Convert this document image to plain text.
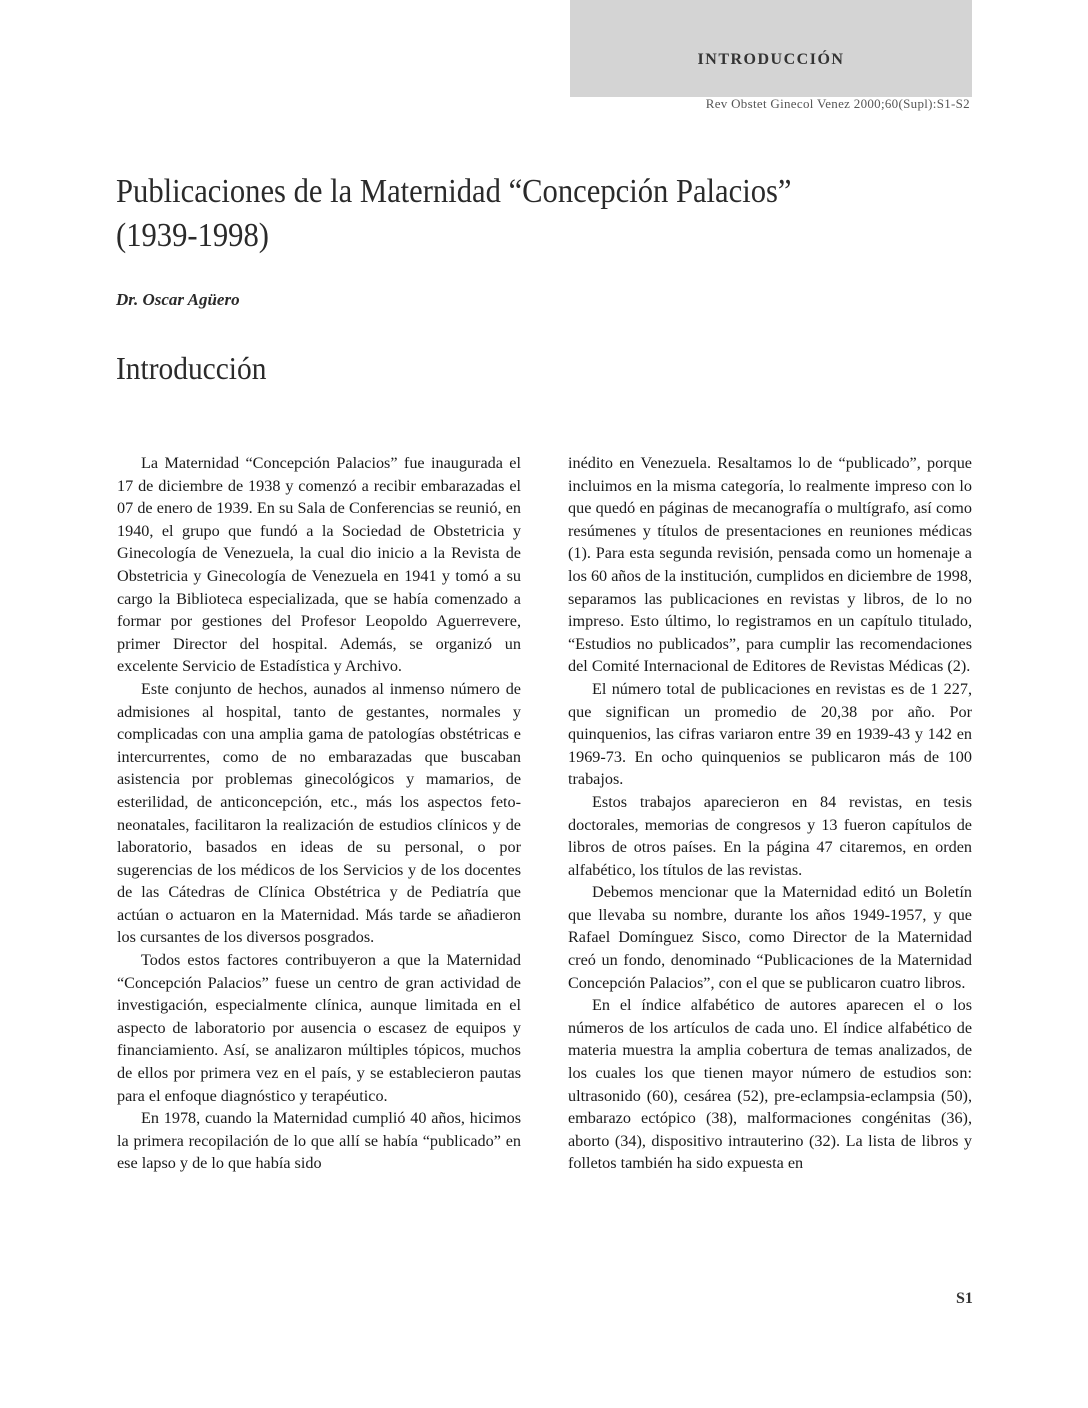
INTRODUCCIÓN
Rev Obstet Ginecol Venez 2000;60(Supl):S1-S2
Publicaciones de la Maternidad “Concepción Palacios” (1939-1998)
Dr. Oscar Agüero
Introducción

La Maternidad “Concepción Palacios” fue inaugurada el 17 de diciembre de 1938 y comenzó a recibir embarazadas el 07 de enero de 1939. En su Sala de Conferencias se reunió, en 1940, el grupo que fundó a la Sociedad de Obstetricia y Ginecología de Venezuela, la cual dio inicio a la Revista de Obstetricia y Ginecología de Venezuela en 1941 y tomó a su cargo la Biblioteca especializada, que se había comenzado a formar por gestiones del Profesor Leopoldo Aguerrevere, primer Director del hospital. Además, se organizó un excelente Servicio de Estadística y Archivo.

Este conjunto de hechos, aunados al inmenso número de admisiones al hospital, tanto de gestantes, normales y complicadas con una amplia gama de patologías obstétricas e intercurrentes, como de no embarazadas que buscaban asistencia por problemas ginecológicos y mamarios, de esterilidad, de anticoncepción, etc., más los aspectos feto-neonatales, facilitaron la realización de estudios clínicos y de laboratorio, basados en ideas de su personal, o por sugerencias de los médicos de los Servicios y de los docentes de las Cátedras de Clínica Obstétrica y de Pediatría que actúan o actuaron en la Maternidad. Más tarde se añadieron los cursantes de los diversos posgrados.

Todos estos factores contribuyeron a que la Maternidad “Concepción Palacios” fuese un centro de gran actividad de investigación, especialmente clínica, aunque limitada en el aspecto de laboratorio por ausencia o escasez de equipos y financiamiento. Así, se analizaron múltiples tópicos, muchos de ellos por primera vez en el país, y se establecieron pautas para el enfoque diagnóstico y terapéutico.

En 1978, cuando la Maternidad cumplió 40 años, hicimos la primera recopilación de lo que allí se había “publicado” en ese lapso y de lo que había sido

inédito en Venezuela. Resaltamos lo de “publicado”, porque incluimos en la misma categoría, lo realmente impreso con lo que quedó en páginas de mecanografía o multígrafo, así como resúmenes y títulos de presentaciones en reuniones médicas (1). Para esta segunda revisión, pensada como un homenaje a los 60 años de la institución, cumplidos en diciembre de 1998, separamos las publicaciones en revistas y libros, de lo no impreso. Esto último, lo registramos en un capítulo titulado, “Estudios no publicados”, para cumplir las recomendaciones del Comité Internacional de Editores de Revistas Médicas (2).

El número total de publicaciones en revistas es de 1 227, que significan un promedio de 20,38 por año. Por quinquenios, las cifras variaron entre 39 en 1939-43 y 142 en 1969-73. En ocho quinquenios se publicaron más de 100 trabajos.

Estos trabajos aparecieron en 84 revistas, en tesis doctorales, memorias de congresos y 13 fueron capítulos de libros de otros países. En la página 47 citaremos, en orden alfabético, los títulos de las revistas.

Debemos mencionar que la Maternidad editó un Boletín que llevaba su nombre, durante los años 1949-1957, y que Rafael Domínguez Sisco, como Director de la Maternidad creó un fondo, denominado “Publicaciones de la Maternidad Concepción Palacios”, con el que se publicaron cuatro libros.

En el índice alfabético de autores aparecen el o los números de los artículos de cada uno. El índice alfabético de materia muestra la amplia cobertura de temas analizados, de los cuales los que tienen mayor número de estudios son: ultrasonido (60), cesárea (52), pre-eclampsia-eclampsia (50), embarazo ectópico (38), malformaciones congénitas (36), aborto (34), dispositivo intrauterino (32). La lista de libros y folletos también ha sido expuesta en

S1
